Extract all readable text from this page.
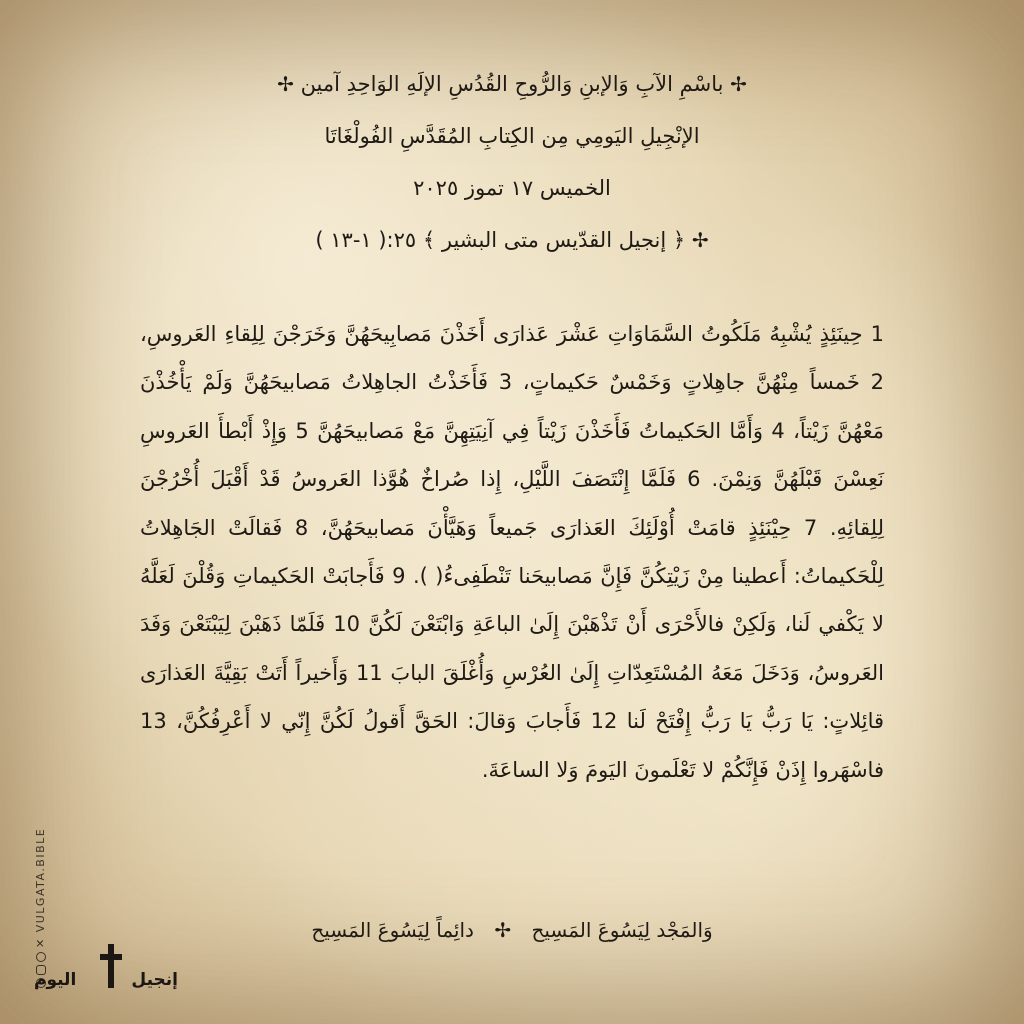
✢ باسْمِ الآبِ وَالإبنِ وَالرُّوحِ القُدُسِ الإلَهِ الوَاحِدِ آمين ✢
الإنْجِيلِ اليَومِي مِن الكِتابِ المُقَدَّسِ الفُولْغَاتَا
الخميس ١٧ تموز ٢٠٢٥
✢ ﴿ إنجيل القدّيس متى البشير ﴾ ٢٥:( ١-١٣ )
1 حِينَئِذٍ يُشْبِهُ مَلَكُوتُ السَّمَاوَاتِ عَشْرَ عَذارَى أَخَذْنَ مَصابِيحَهُنَّ وَخَرَجْنَ لِلِقاءِ العَروسِ، 2 خَمساً مِنْهُنَّ جاهِلاتٍ وَخَمْسٌ حَكيماتٍ، 3 فَأَخَذْتُ الجاهِلاتُ مَصابيحَهُنَّ وَلَمْ يَأْخُذْنَ مَعْهُنَّ زَيْتاً، 4 وَأَمَّا الحَكيماتُ فَأَخَذْنَ زَيْتاً فِي آنِيَتِهِنَّ مَعْ مَصابيحَهُنَّ 5 وَإِذْ أَبْطأَ العَروسِ نَعِسْنَ قَبْلَهُنَّ وَنِمْنَ. 6 فَلَمَّا إِنْتَصَفَ اللَّيْلِ، إِذا صُراخٌ هُوَّذا العَروسُ قَدْ أَقْبَلَ أُخْرُجْنَ لِلِقائِهِ. 7 حِيْنَئِذٍ قامَتْ أُوْلَئِكَ العَذارَى جَميعاً وَهَيَّأْنَ مَصابيحَهُنَّ، 8 فَقالَتْ الجَاهِلاتُ لِلْحَكيماتُ: أَعطينا مِنْ زَيْتِكُنَّ فَإِنَّ مَصابيحَنا تَنْطَفِىءُ( ). 9 فَأَجابَتْ الحَكيماتِ وَقُلْنَ لَعَلَّهُ لا يَكْفي لَنا، وَلَكِنْ فالأَحْرَى أَنْ تَذْهَبْنَ إِلَىٰ الباعَةِ وَابْتَعْنَ لَكُنَّ 10 فَلَمّا ذَهَبْنَ لِيَبْتَعْنَ وَفَدَ العَروسُ، وَدَخَلَ مَعَهُ المُسْتَعِدّاتِ إِلَىٰ العُرْسِ وَأُغْلَقَ البابَ 11 وَأَخيراً أَتَتْ بَقِيَّةَ العَذارَى قائِلاتٍ: يَا رَبُّ يَا رَبُّ إِفْتَحْ لَنا 12 فَأَجابَ وَقالَ: الحَقَّ أَقولُ لَكُنَّ إِنّي لا أَعْرِفُكُنَّ، 13 فاسْهَروا إِذَنْ فَإِنَّكُمْ لا تَعْلَمونَ اليَومَ وَلا الساعَةَ.
وَالمَجْد لِيَسُوعَ المَسِيح ✢ دائِماً لِيَسُوعَ المَسِيح
✕
VULGATA.BIBLE
إنجيل
اليوم
